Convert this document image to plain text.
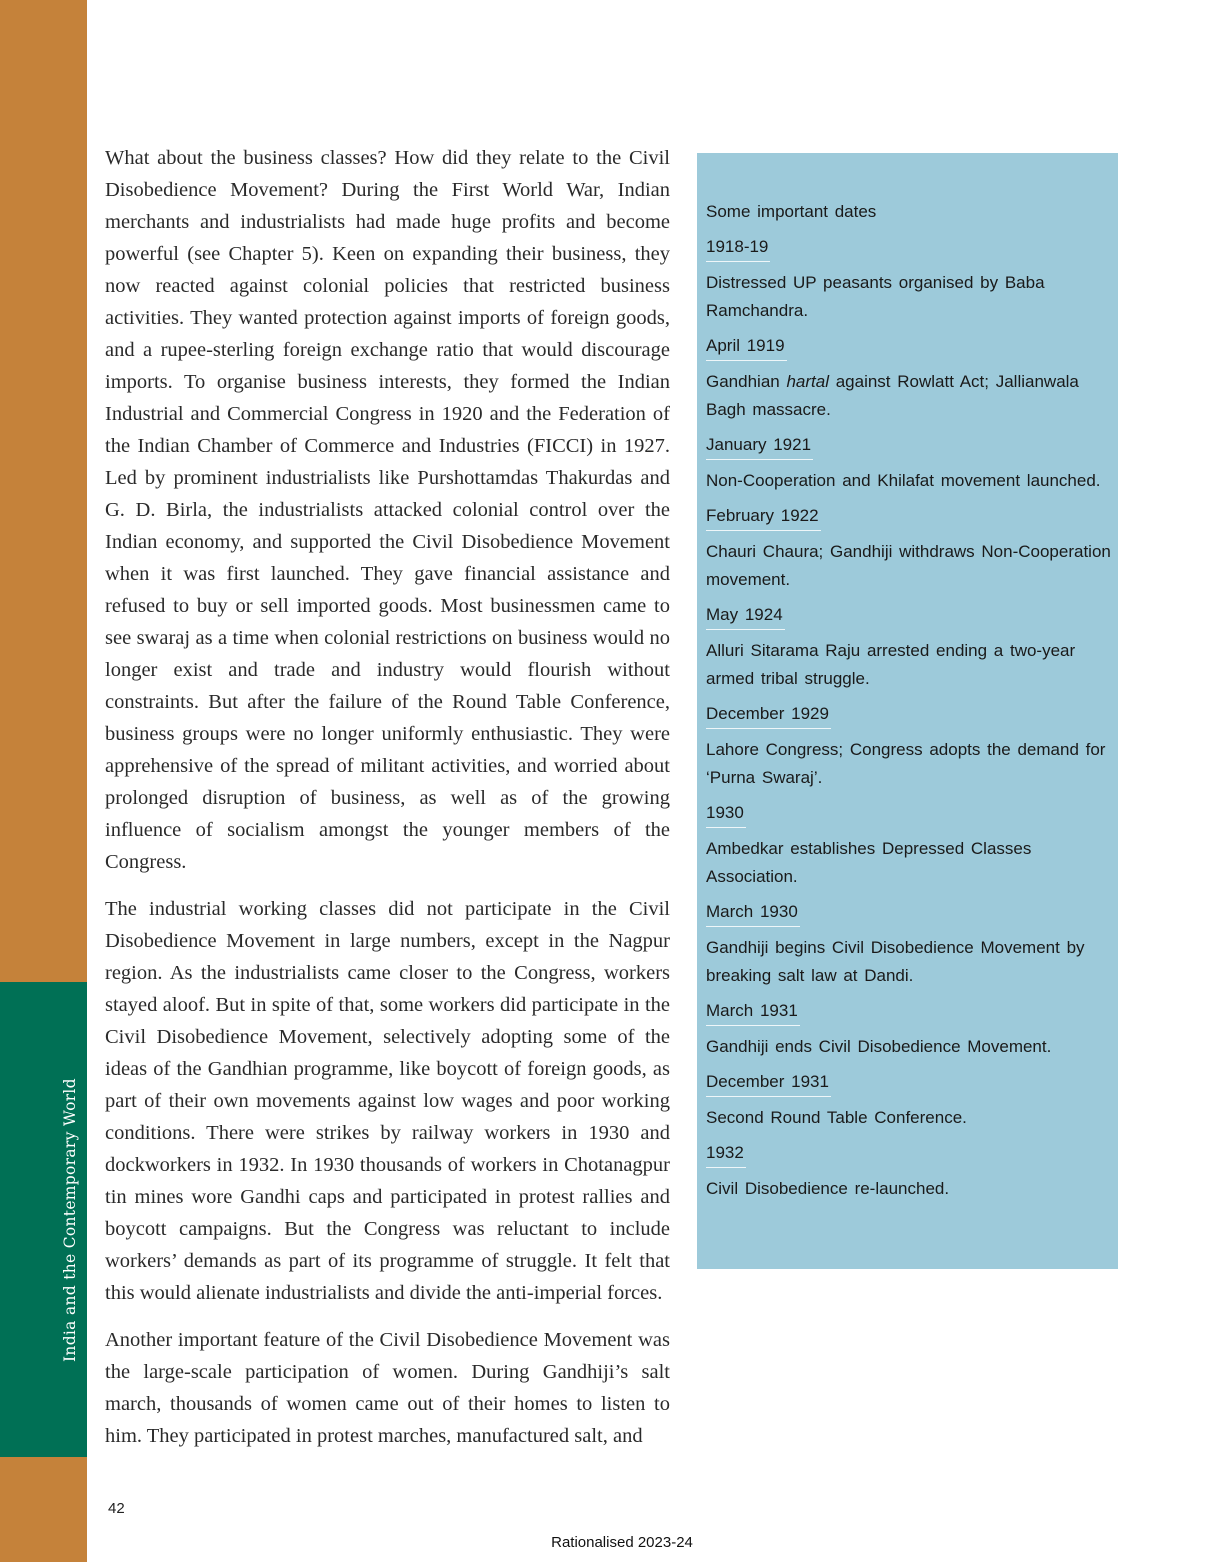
India and the Contemporary World

What about the business classes? How did they relate to the Civil Disobedience Movement? During the First World War, Indian merchants and industrialists had made huge profits and become powerful (see Chapter 5). Keen on expanding their business, they now reacted against colonial policies that restricted business activities. They wanted protection against imports of foreign goods, and a rupee-sterling foreign exchange ratio that would discourage imports. To organise business interests, they formed the Indian Industrial and Commercial Congress in 1920 and the Federation of the Indian Chamber of Commerce and Industries (FICCI) in 1927. Led by prominent industrialists like Purshottamdas Thakurdas and G. D. Birla, the industrialists attacked colonial control over the Indian economy, and supported the Civil Disobedience Movement when it was first launched. They gave financial assistance and refused to buy or sell imported goods. Most businessmen came to see swaraj as a time when colonial restrictions on business would no longer exist and trade and industry would flourish without constraints. But after the failure of the Round Table Conference, business groups were no longer uniformly enthusiastic. They were apprehensive of the spread of militant activities, and worried about prolonged disruption of business, as well as of the growing influence of socialism amongst the younger members of the Congress.

The industrial working classes did not participate in the Civil Disobedience Movement in large numbers, except in the Nagpur region. As the industrialists came closer to the Congress, workers stayed aloof. But in spite of that, some workers did participate in the Civil Disobedience Movement, selectively adopting some of the ideas of the Gandhian programme, like boycott of foreign goods, as part of their own movements against low wages and poor working conditions. There were strikes by railway workers in 1930 and dockworkers in 1932. In 1930 thousands of workers in Chotanagpur tin mines wore Gandhi caps and participated in protest rallies and boycott campaigns. But the Congress was reluctant to include workers’ demands as part of its programme of struggle. It felt that this would alienate industrialists and divide the anti-imperial forces.

Another important feature of the Civil Disobedience Movement was the large-scale participation of women. During Gandhiji’s salt march, thousands of women came out of their homes to listen to him. They participated in protest marches, manufactured salt, and

Some important dates

1918-19

Distressed UP peasants organised by Baba Ramchandra.

April 1919

Gandhian hartal against Rowlatt Act; Jallianwala Bagh massacre.

January 1921

Non-Cooperation and Khilafat movement launched.

February 1922

Chauri Chaura; Gandhiji withdraws Non-Cooperation movement.

May 1924

Alluri Sitarama Raju arrested ending a two-year armed tribal struggle.

December 1929

Lahore Congress; Congress adopts the demand for ‘Purna Swaraj’.

1930

Ambedkar establishes Depressed Classes Association.

March 1930

Gandhiji begins Civil Disobedience Movement by breaking salt law at Dandi.

March 1931

Gandhiji ends Civil Disobedience Movement.

December 1931

Second Round Table Conference.

1932

Civil Disobedience re-launched.

42
Rationalised 2023-24
